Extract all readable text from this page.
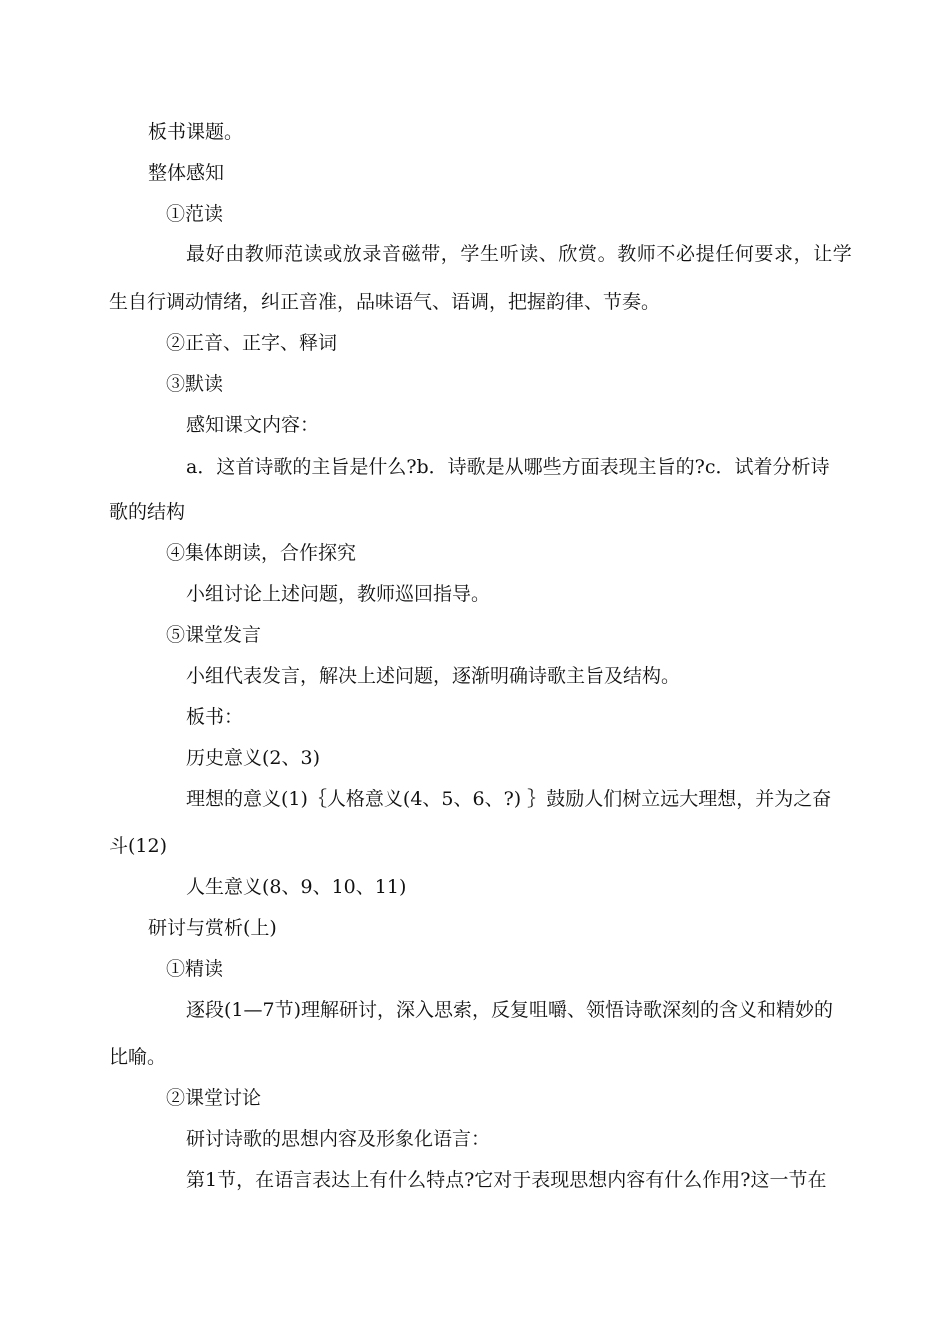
板书课题。
整体感知
①范读
最好由教师范读或放录音磁带，学生听读、欣赏。教师不必提任何要求，让学
生自行调动情绪，纠正音准，品味语气、语调，把握韵律、节奏。
②正音、正字、释词
③默读
感知课文内容：
a．这首诗歌的主旨是什么?b．诗歌是从哪些方面表现主旨的?c．试着分析诗
歌的结构
④集体朗读，合作探究
小组讨论上述问题，教师巡回指导。
⑤课堂发言
小组代表发言，解决上述问题，逐渐明确诗歌主旨及结构。
板书：
历史意义(2、3)
理想的意义(1)｛人格意义(4、5、6、?) ｝鼓励人们树立远大理想，并为之奋
斗(12)
人生意义(8、9、10、11)
研讨与赏析(上)
①精读
逐段(1—7节)理解研讨，深入思索，反复咀嚼、领悟诗歌深刻的含义和精妙的
比喻。
②课堂讨论
研讨诗歌的思想内容及形象化语言：
第1节，在语言表达上有什么特点?它对于表现思想内容有什么作用?这一节在
